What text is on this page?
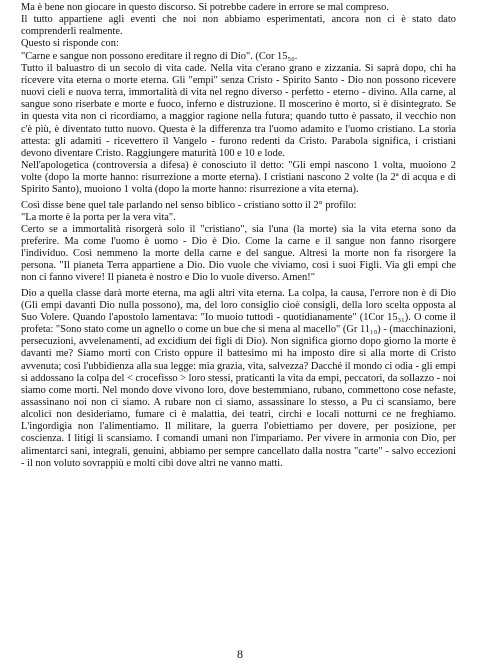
Ma è bene non giocare in questo discorso. Si potrebbe cadere in errore se mal compreso.

Il tutto appartiene agli eventi che noi non abbiamo esperimentati, ancora non ci è stato dato comprenderli realmente.

Questo si risponde con:

"Carne e sangue non possono ereditare il regno di Dio". (Cor 15₅₀.

Tutto il baluastro di un secolo di vita cade. Nella vita c'erano grano e zizzania. Si saprà dopo, chi ha ricevere vita eterna o morte eterna. Gli "empi" senza Cristo - Spirito Santo - Dio non possono ricevere nuovi cieli e nuova terra, immortalità di vita nel regno diverso - perfetto - eterno - divino. Alla carne, al sangue sono riserbate e morte e fuoco, inferno e distruzione. Il moscerino è morto, si è disintegrato. Se in questa vita non ci ricordiamo, a maggior ragione nella futura; quando tutto è passato, il vecchio non c'è più, è diventato tutto nuovo. Questa è la differenza tra l'uomo adamito e l'uomo cristiano. La storia attesta: gli adamiti - ricevettero il Vangelo - furono redenti da Cristo. Parabola significa, i cristiani devono diventare Cristo. Raggiungere maturità 100 e 10 e lode.

Nell'apologetica (controversia a difesa) è conosciuto il detto: "Gli empi nascono 1 volta, muoiono 2 volte (dopo la morte hanno: risurrezione a morte eterna). I cristiani nascono 2 volte (la 2ª di acqua e di Spirito Santo), muoiono 1 volta (dopo la morte hanno: risurrezione a vita eterna).

Così disse bene quel tale parlando nel senso biblico - cristiano sotto il 2° profilo:

"La morte è la porta per la vera vita".

Certo se a immortalità risorgerà solo il "cristiano", sia l'una (la morte) sia la vita eterna sono da preferire. Ma come l'uomo è uomo - Dio è Dio. Come la carne e il sangue non fanno risorgere l'individuo. Così nemmeno la morte della carne e del sangue. Altresì la morte non fa risorgere la persona. "Il pianeta Terra appartiene a Dio. Dio vuole che viviamo, così i suoi Figli. Via gli empi che non ci fanno vivere! Il pianeta è nostro e Dio lo vuole diverso. Amen!"

Dio a quella classe darà morte eterna, ma agli altri vita eterna. La colpa, la causa, l'errore non è di Dio (Gli empi davanti Dio nulla possono), ma, del loro consiglio cioè consigli, della loro scelta opposta al Suo Volere. Quando l'apostolo lamentava: "Io muoio tuttodì - quotidianamente" (1Cor 15₃₁). O come il profeta: "Sono stato come un agnello o come un bue che si mena al macello" (Gr 11₁₉) - (macchinazioni, persecuzioni, avvelenamenti, ad excidium dei figli di Dio). Non significa giorno dopo giorno la morte è davanti me? Siamo morti con Cristo oppure il battesimo mi ha imposto dire sì alla morte di Cristo avvenuta; così l'ubbidienza alla sua legge: mia grazia, vita, salvezza? Dacché il mondo ci odia - gli empi si addossano la colpa del < crocefisso > loro stessi, praticanti la vita da empi, peccatori, da sollazzo - noi siamo come morti. Nel mondo dove vivono loro, dove bestemmiano, rubano, commettono cose nefaste, assassinano noi non ci siamo. A rubare non ci siamo, assassinare lo stesso, a Pu ci scansiamo, bere alcolici non desideriamo, fumare ci è malattia, dei teatri, circhi e locali notturni ce ne freghiamo. L'ingordigia non l'alimentiamo. Il militare, la guerra l'obiettiamo per dovere, per posizione, per coscienza. I litigi li scansiamo. I comandi umani non l'impariamo. Per vivere in armonia con Dio, per alimentarci sani, integrali, genuini, abbiamo per sempre cancellato dalla nostra "carte" - salvo eccezioni - il non voluto sovrappiù e molti cibi dove altri ne vanno matti.

8
